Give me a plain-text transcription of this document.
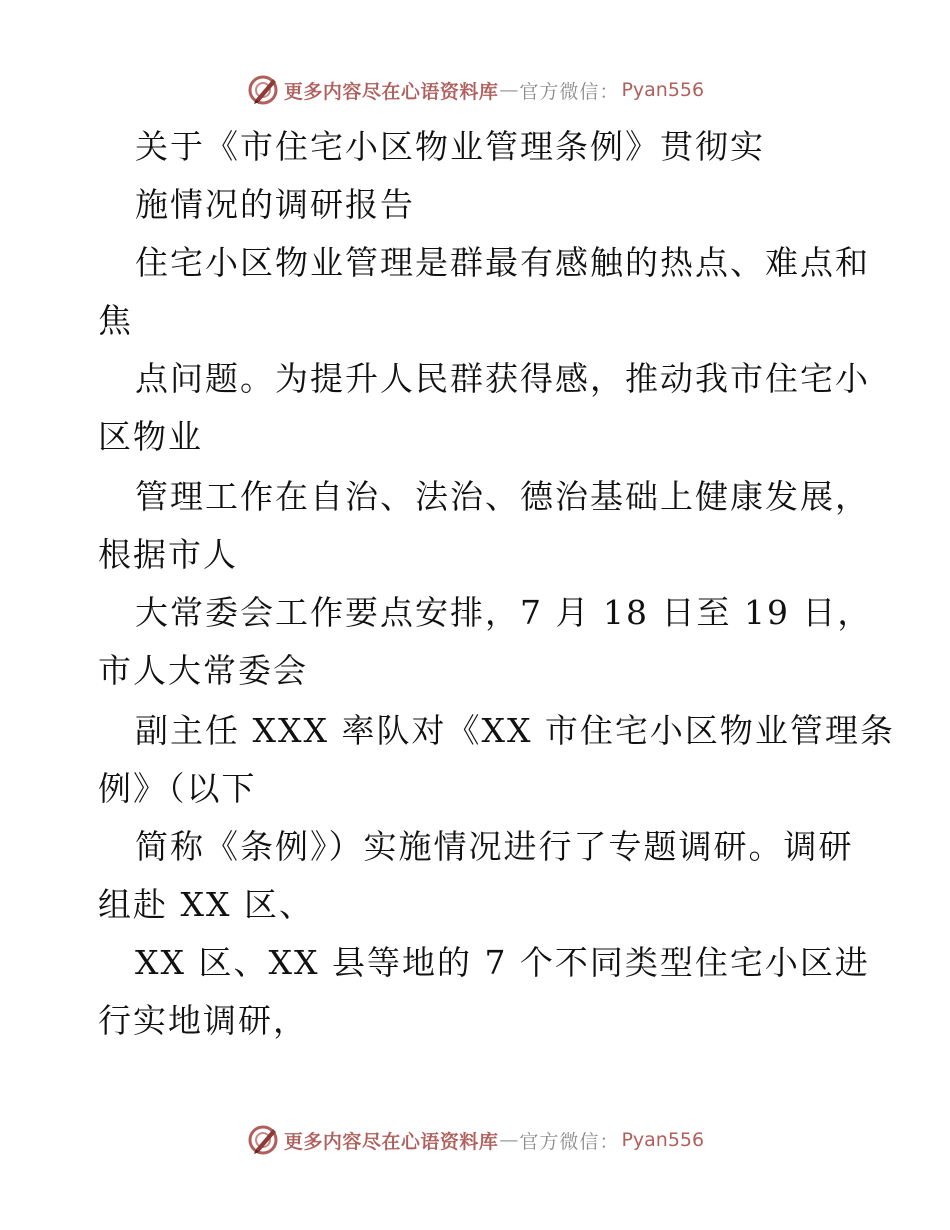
更多内容尽在心语资料库 — 官方微信： Pyan556
关于《市住宅小区物业管理条例》贯彻实
施情况的调研报告
住宅小区物业管理是群最有感触的热点、难点和
焦
点问题。为提升人民群获得感，推动我市住宅小
区物业
管理工作在自治、法治、德治基础上健康发展，
根据市人
大常委会工作要点安排，7 月 18 日至 19 日，
市人大常委会
副主任 XXX 率队对《XX 市住宅小区物业管理条
例》（以下
简称《条例》）实施情况进行了专题调研。调研
组赴 XX 区、
XX 区、XX 县等地的 7 个不同类型住宅小区进
行实地调研，
更多内容尽在心语资料库 — 官方微信： Pyan556
